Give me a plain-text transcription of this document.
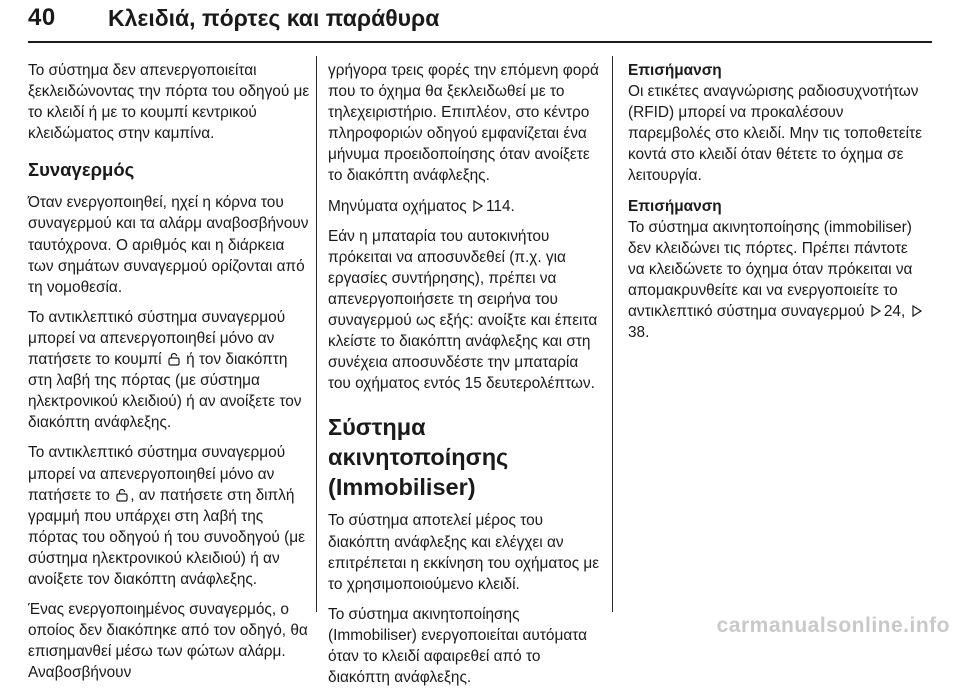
40 Κλειδιά, πόρτες και παράθυρα

Το σύστημα δεν απενεργοποιείται ξεκλειδώνοντας την πόρτα του οδηγού με το κλειδί ή με το κουμπί κεντρικού κλειδώματος στην καμπίνα.

Συναγερμός

Όταν ενεργοποιηθεί, ηχεί η κόρνα του συναγερμού και τα αλάρμ αναβοσβήνουν ταυτόχρονα. Ο αριθμός και η διάρκεια των σημάτων συναγερμού ορίζονται από τη νομοθεσία.

Το αντικλεπτικό σύστημα συναγερμού μπορεί να απενεργοποιηθεί μόνο αν πατήσετε το κουμπί ή τον διακόπτη στη λαβή της πόρτας (με σύστημα ηλεκτρονικού κλειδιού) ή αν ανοίξετε τον διακόπτη ανάφλεξης.

Το αντικλεπτικό σύστημα συναγερμού μπορεί να απενεργοποιηθεί μόνο αν πατήσετε το , αν πατήσετε στη διπλή γραμμή που υπάρχει στη λαβή της πόρτας του οδηγού ή του συνοδηγού (με σύστημα ηλεκτρονικού κλειδιού) ή αν ανοίξετε τον διακόπτη ανάφλεξης.

Ένας ενεργοποιημένος συναγερμός, ο οποίος δεν διακόπηκε από τον οδηγό, θα επισημανθεί μέσω των φώτων αλάρμ. Αναβοσβήνουν

γρήγορα τρεις φορές την επόμενη φορά που το όχημα θα ξεκλειδωθεί με το τηλεχειριστήριο. Επιπλέον, στο κέντρο πληροφοριών οδηγού εμφανίζεται ένα μήνυμα προειδοποίησης όταν ανοίξετε το διακόπτη ανάφλεξης.

Μηνύματα οχήματος 114.

Εάν η μπαταρία του αυτοκινήτου πρόκειται να αποσυνδεθεί (π.χ. για εργασίες συντήρησης), πρέπει να απενεργοποιήσετε τη σειρήνα του συναγερμού ως εξής: ανοίξτε και έπειτα κλείστε το διακόπτη ανάφλεξης και στη συνέχεια αποσυνδέστε την μπαταρία του οχήματος εντός 15 δευτερολέπτων.

Σύστημα ακινητοποίησης (Immobiliser)

Το σύστημα αποτελεί μέρος του διακόπτη ανάφλεξης και ελέγχει αν επιτρέπεται η εκκίνηση του οχήματος με το χρησιμοποιούμενο κλειδί.

Το σύστημα ακινητοποίησης (Immobiliser) ενεργοποιείται αυτόματα όταν το κλειδί αφαιρεθεί από το διακόπτη ανάφλεξης.

Επισήμανση
Οι ετικέτες αναγνώρισης ραδιοσυχνοτήτων (RFID) μπορεί να προκαλέσουν παρεμβολές στο κλειδί. Μην τις τοποθετείτε κοντά στο κλειδί όταν θέτετε το όχημα σε λειτουργία.
Επισήμανση
Το σύστημα ακινητοποίησης (immobiliser) δεν κλειδώνει τις πόρτες. Πρέπει πάντοτε να κλειδώνετε το όχημα όταν πρόκειται να απομακρυνθείτε και να ενεργοποιείτε το αντικλεπτικό σύστημα συναγερμού 24, 38.
carmanualsonline.info
